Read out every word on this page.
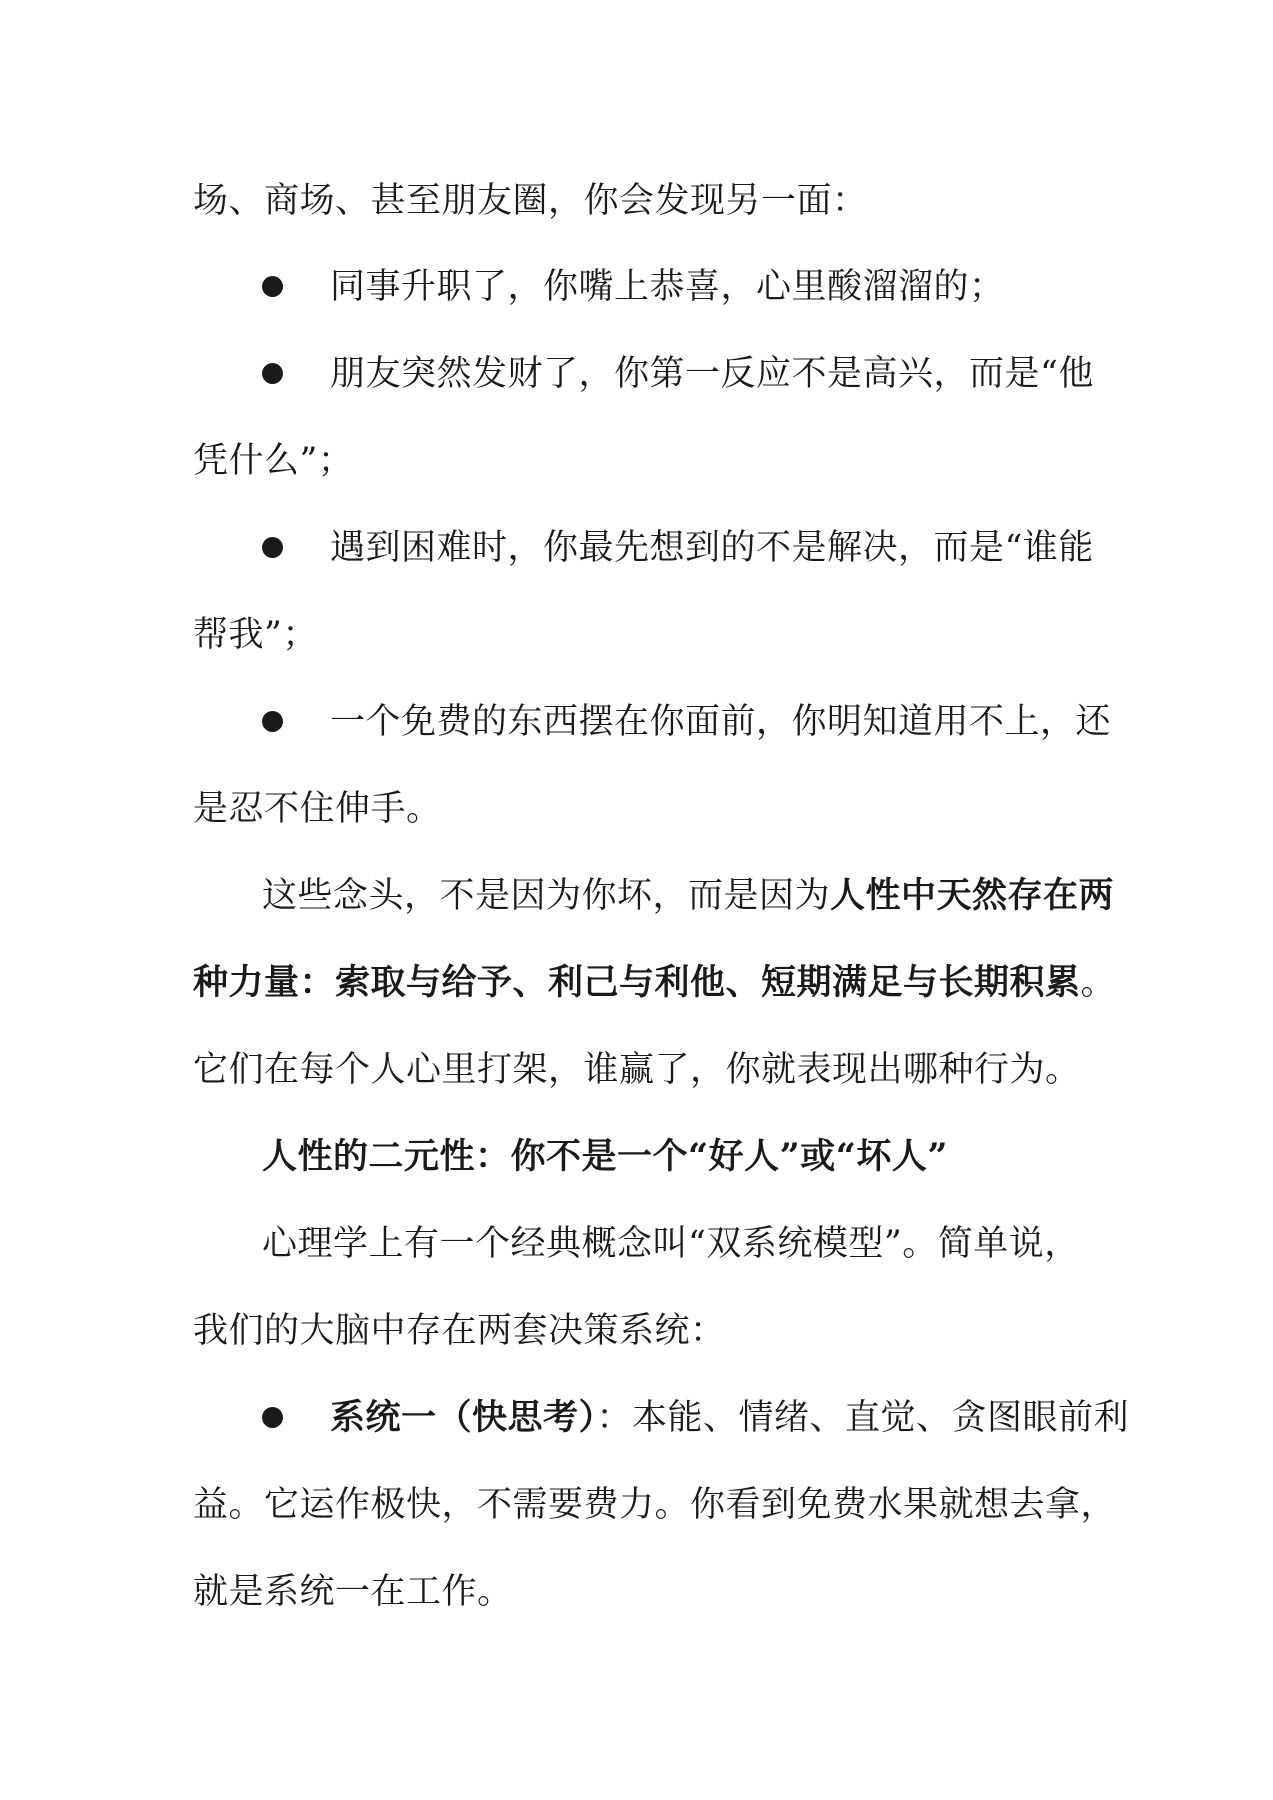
场、商场、甚至朋友圈，你会发现另一面：
同事升职了，你嘴上恭喜，心里酸溜溜的；
朋友突然发财了，你第一反应不是高兴，而是“他
凭什么”；
遇到困难时，你最先想到的不是解决，而是“谁能
帮我”；
一个免费的东西摆在你面前，你明知道用不上，还
是忍不住伸手。
这些念头，不是因为你坏，而是因为人性中天然存在两
种力量：索取与给予、利己与利他、短期满足与长期积累。
它们在每个人心里打架，谁赢了，你就表现出哪种行为。
人性的二元性：你不是一个“好人”或“坏人”
心理学上有一个经典概念叫“双系统模型”。简单说，
我们的大脑中存在两套决策系统：
系统一（快思考）：本能、情绪、直觉、贪图眼前利
益。它运作极快，不需要费力。你看到免费水果就想去拿，
就是系统一在工作。
